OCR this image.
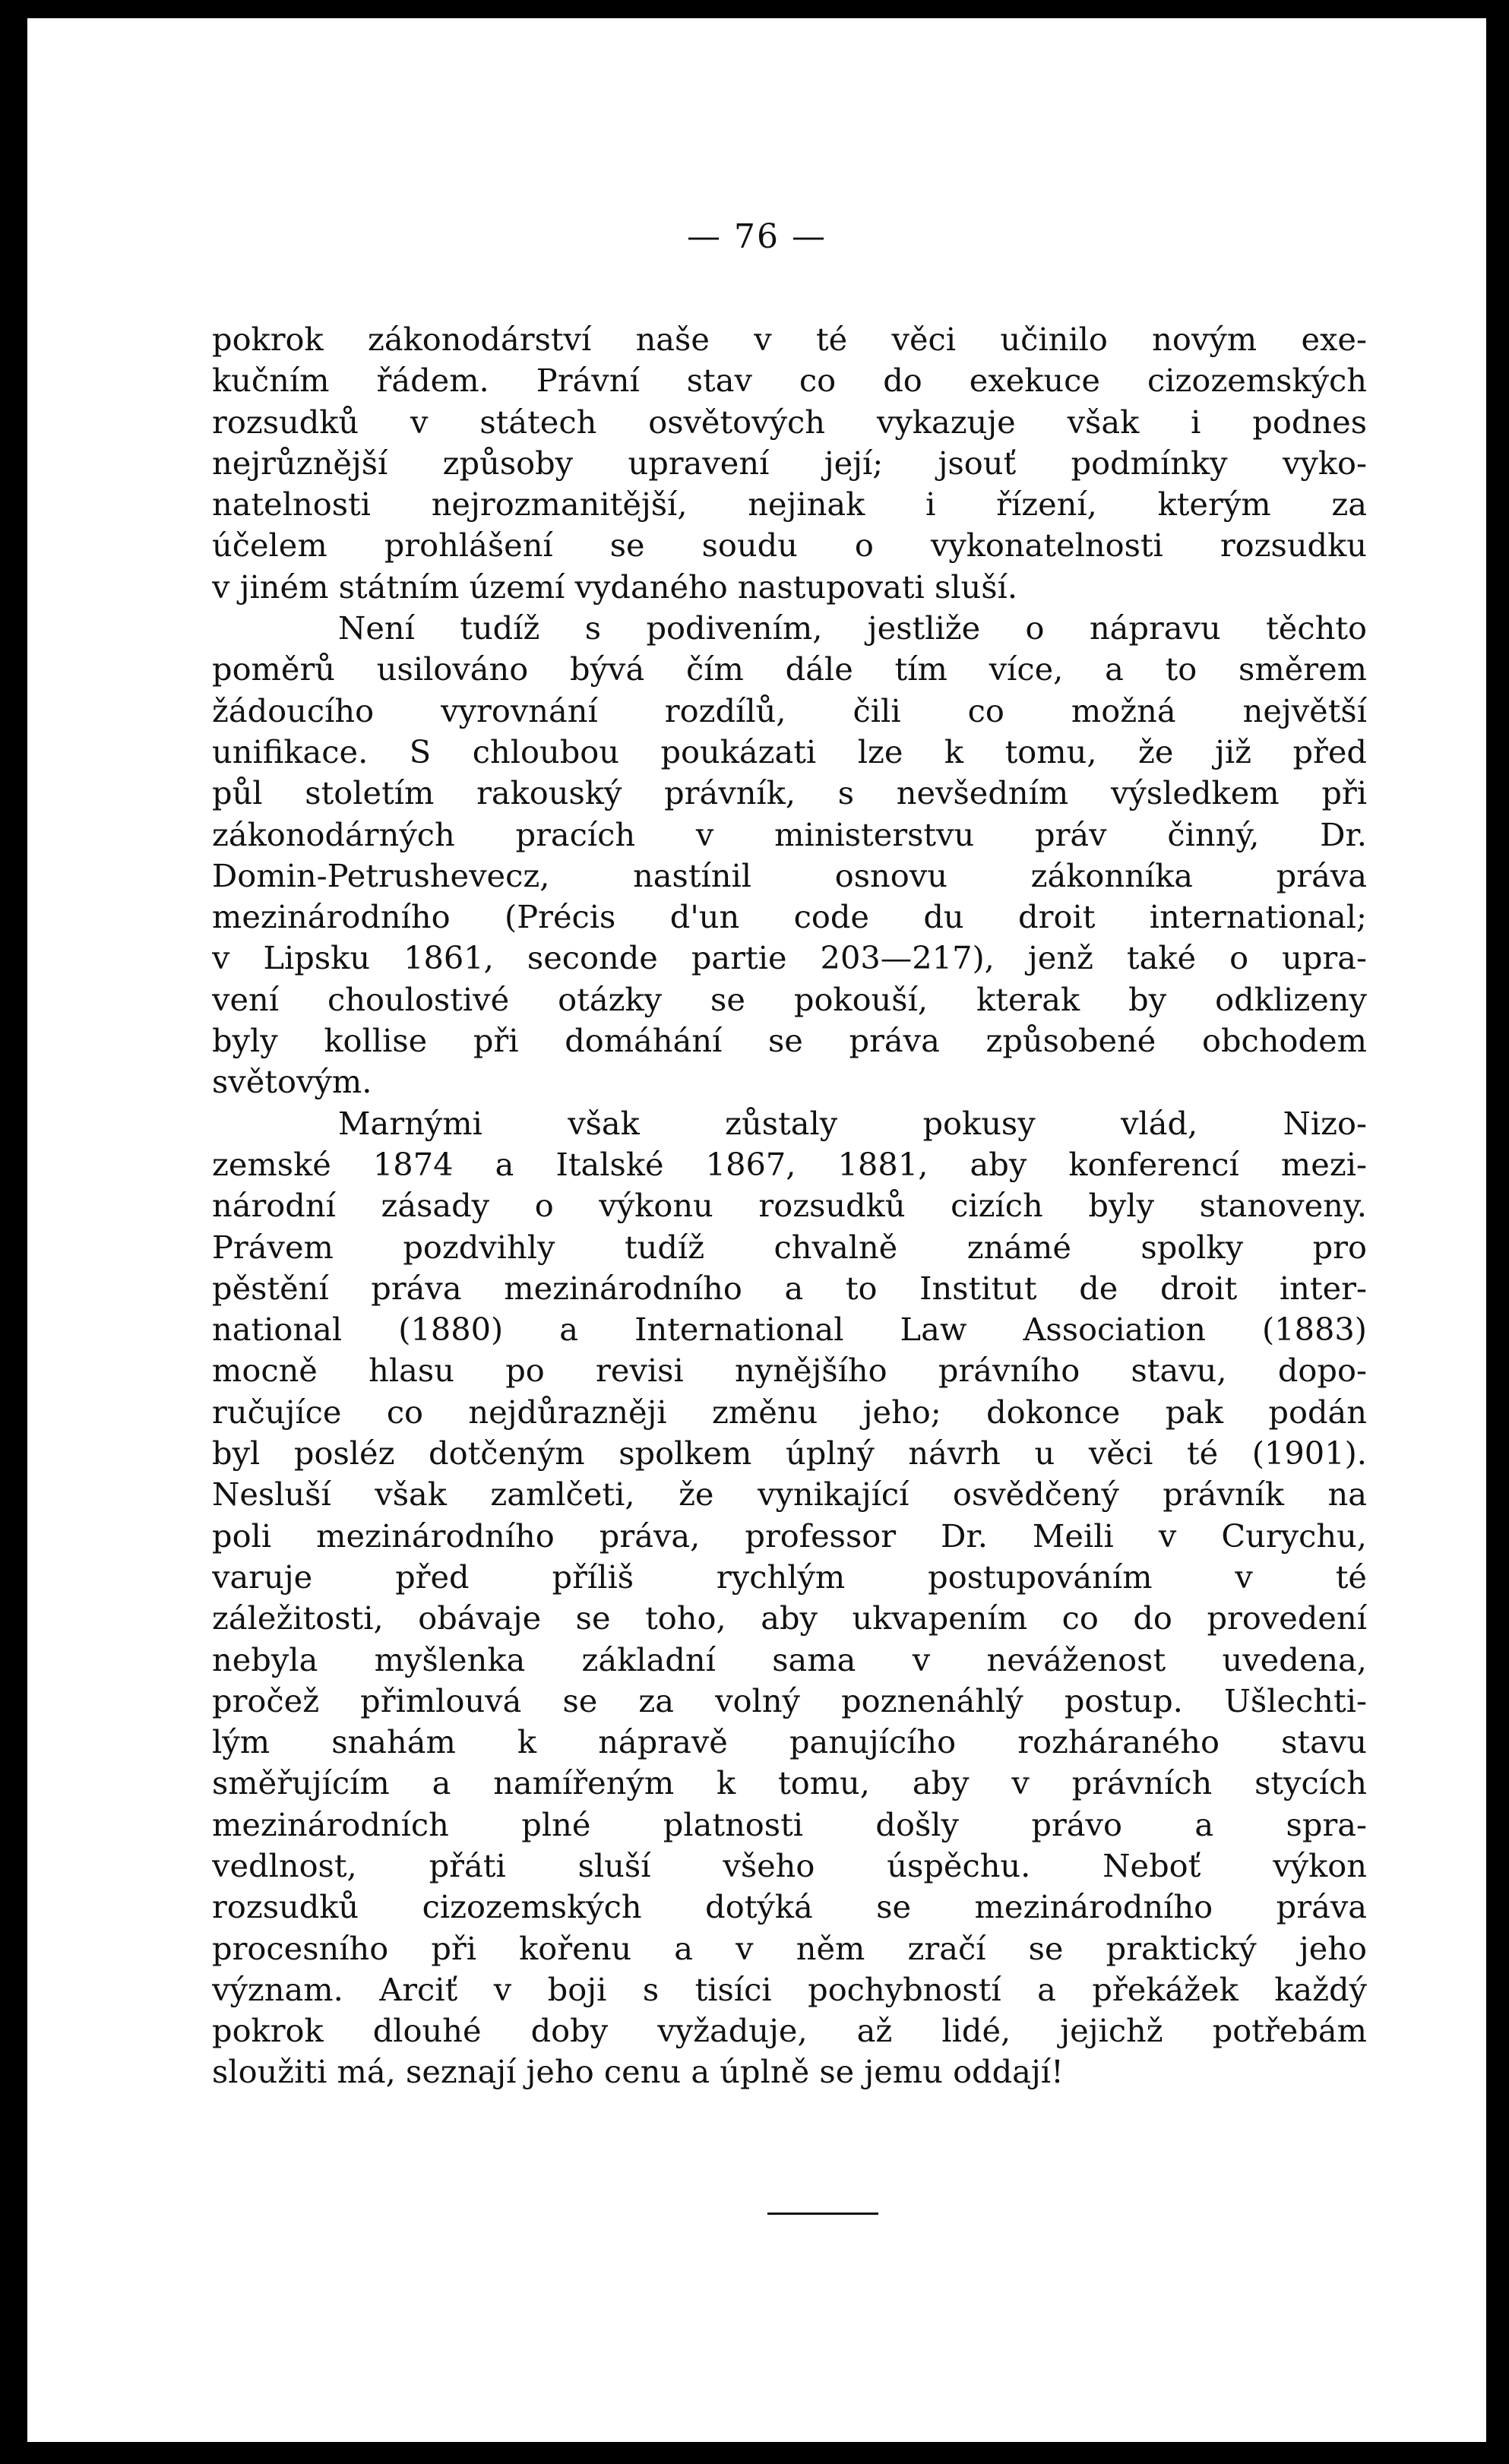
— 76 —
pokrok zákonodárství naše v té věci učinilo novým exe-
kučním řádem. Právní stav co do exekuce cizozemských
rozsudků v státech osvětových vykazuje však i podnes
nejrůznější způsoby upravení její; jsouť podmínky vyko-
natelnosti nejrozmanitější, nejinak i řízení, kterým za
účelem prohlášení se soudu o vykonatelnosti rozsudku
v jiném státním území vydaného nastupovati sluší.
Není tudíž s podivením, jestliže o nápravu těchto
poměrů usilováno bývá čím dále tím více, a to směrem
žádoucího vyrovnání rozdílů, čili co možná největší
unifikace. S chloubou poukázati lze k tomu, že již před
půl stoletím rakouský právník, s nevšedním výsledkem při
zákonodárných pracích v ministerstvu práv činný, Dr.
Domin-Petrushevecz, nastínil osnovu zákonníka práva
mezinárodního (Précis d'un code du droit international;
v Lipsku 1861, seconde partie 203—217), jenž také o upra-
vení choulostivé otázky se pokouší, kterak by odklizeny
byly kollise při domáhání se práva způsobené obchodem
světovým.
Marnými však zůstaly pokusy vlád, Nizo-
zemské 1874 a Italské 1867, 1881, aby konferencí mezi-
národní zásady o výkonu rozsudků cizích byly stanoveny.
Právem pozdvihly tudíž chvalně známé spolky pro
pěstění práva mezinárodního a to Institut de droit inter-
national (1880) a International Law Association (1883)
mocně hlasu po revisi nynějšího právního stavu, dopo-
ručujíce co nejdůrazněji změnu jeho; dokonce pak podán
byl posléz dotčeným spolkem úplný návrh u věci té (1901).
Nesluší však zamlčeti, že vynikající osvědčený právník na
poli mezinárodního práva, professor Dr. Meili v Curychu,
varuje před příliš rychlým postupováním v té
záležitosti, obávaje se toho, aby ukvapením co do provedení
nebyla myšlenka základní sama v neváženost uvedena,
pročež přimlouvá se za volný poznenáhlý postup. Ušlechti-
lým snahám k nápravě panujícího rozháraného stavu
směřujícím a namířeným k tomu, aby v právních stycích
mezinárodních plné platnosti došly právo a spra-
vedlnost, přáti sluší všeho úspěchu. Neboť výkon
rozsudků cizozemských dotýká se mezinárodního práva
procesního při kořenu a v něm zračí se praktický jeho
význam. Arciť v boji s tisíci pochybností a překážek každý
pokrok dlouhé doby vyžaduje, až lidé, jejichž potřebám
sloužiti má, seznají jeho cenu a úplně se jemu oddají!
